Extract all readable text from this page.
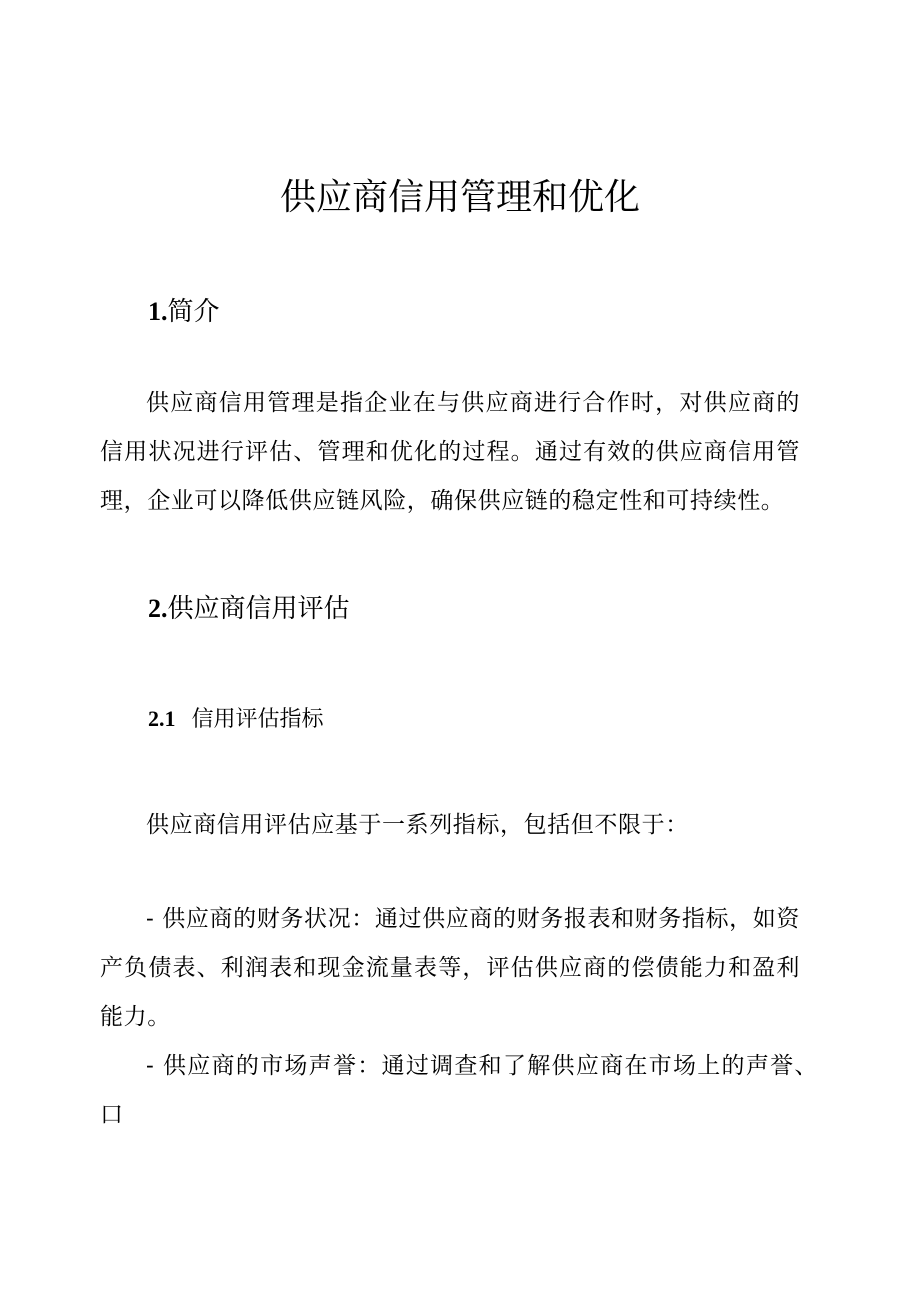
供应商信用管理和优化
1.简介

供应商信用管理是指企业在与供应商进行合作时，对供应商的信用状况进行评估、管理和优化的过程。通过有效的供应商信用管理，企业可以降低供应链风险，确保供应链的稳定性和可持续性。

2.供应商信用评估
2.1 信用评估指标

供应商信用评估应基于一系列指标，包括但不限于：

- 供应商的财务状况：通过供应商的财务报表和财务指标，如资产负债表、利润表和现金流量表等，评估供应商的偿债能力和盈利能力。

- 供应商的市场声誉：通过调查和了解供应商在市场上的声誉、口
